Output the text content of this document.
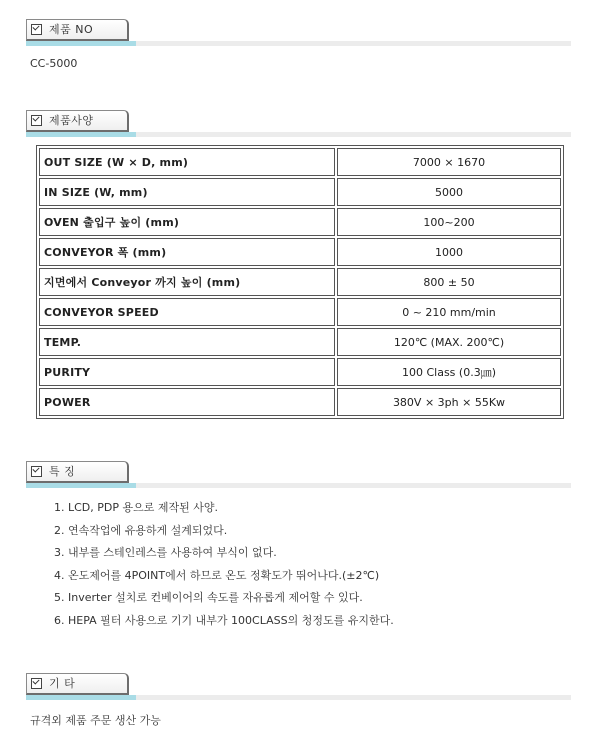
제품 NO
CC-5000
제품사양
OUT SIZE (W × D, mm)	7000 × 1670
IN SIZE (W, mm)	5000
OVEN 출입구 높이 (mm)	100~200
CONVEYOR 폭 (mm)	1000
지면에서 Conveyor 까지 높이 (mm)	800 ± 50
CONVEYOR SPEED	0 ~ 210 mm/min
TEMP.	120℃ (MAX. 200℃)
PURITY	100 Class (0.3㎛)
POWER	380V × 3ph × 55Kw
특 징
1. LCD, PDP 용으로 제작된 사양.
2. 연속작업에 유용하게 설계되었다.
3. 내부를 스테인레스를 사용하여 부식이 없다.
4. 온도제어를 4POINT에서 하므로 온도 정확도가 뛰어나다.(±2℃)
5. Inverter 설치로 컨베이어의 속도를 자유롭게 제어할 수 있다.
6. HEPA 필터 사용으로 기기 내부가 100CLASS의 청정도를 유지한다.
기 타
규격외 제품 주문 생산 가능
